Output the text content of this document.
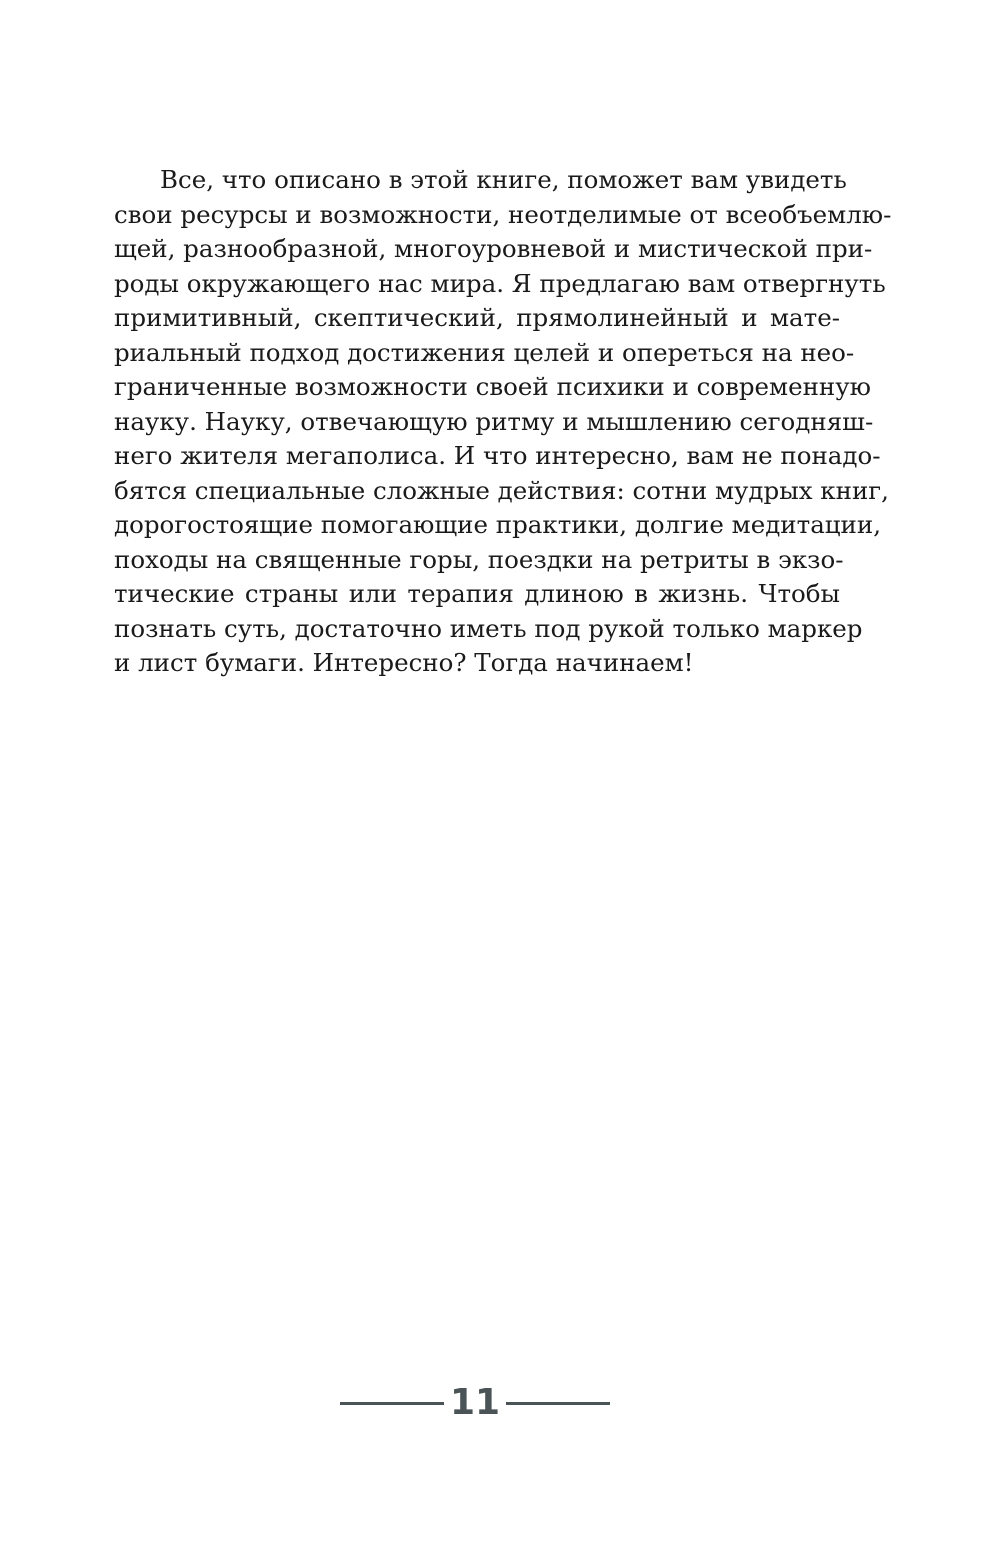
Все, что описано в этой книге, поможет вам увидеть
свои ресурсы и возможности, неотделимые от всеобъемлю-
щей, разнообразной, многоуровневой и мистической при-
роды окружающего нас мира. Я предлагаю вам отвергнуть
примитивный, скептический, прямолинейный и мате-
риальный подход достижения целей и опереться на нео-
граниченные возможности своей психики и современную
науку. Науку, отвечающую ритму и мышлению сегодняш-
него жителя мегаполиса. И что интересно, вам не понадо-
бятся специальные сложные действия: сотни мудрых книг,
дорогостоящие помогающие практики, долгие медитации,
походы на священные горы, поездки на ретриты в экзо-
тические страны или терапия длиною в жизнь. Чтобы
познать суть, достаточно иметь под рукой только маркер
и лист бумаги. Интересно? Тогда начинаем!
11
